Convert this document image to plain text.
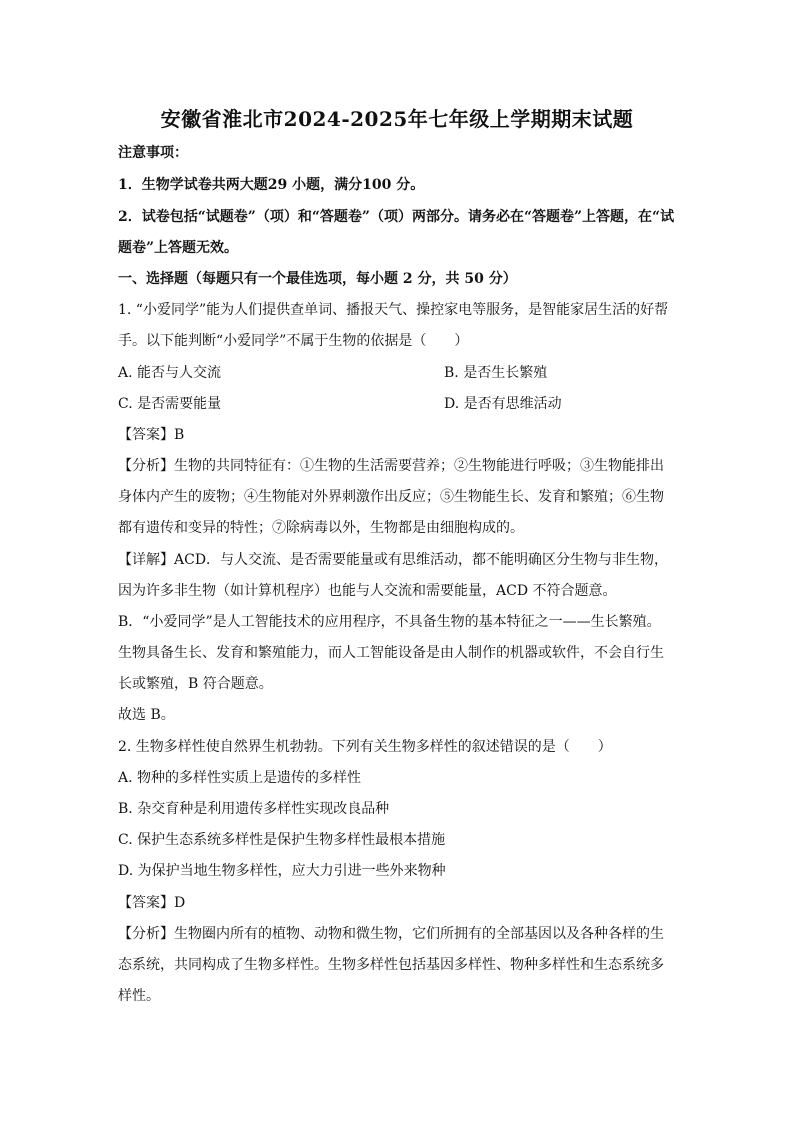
安徽省淮北市2024-2025年七年级上学期期末试题
注意事项：
1．生物学试卷共两大题29 小题，满分100 分。
2．试卷包括“试题卷”（项）和“答题卷”（项）两部分。请务必在“答题卷”上答题，在“试
题卷”上答题无效。
一、选择题（每题只有一个最佳选项，每小题 2 分，共 50 分）
1. “小爱同学”能为人们提供查单词、播报天气、操控家电等服务，是智能家居生活的好帮
手。以下能判断“小爱同学”不属于生物的依据是（　　）
A. 能否与人交流	B. 是否生长繁殖
C. 是否需要能量	D. 是否有思维活动
【答案】B
【分析】生物的共同特征有：①生物的生活需要营养；②生物能进行呼吸；③生物能排出
身体内产生的废物；④生物能对外界刺激作出反应；⑤生物能生长、发育和繁殖；⑥生物
都有遗传和变异的特性；⑦除病毒以外，生物都是由细胞构成的。
【详解】ACD．与人交流、是否需要能量或有思维活动，都不能明确区分生物与非生物，
因为许多非生物（如计算机程序）也能与人交流和需要能量，ACD 不符合题意。
B．“小爱同学”是人工智能技术的应用程序，不具备生物的基本特征之一——生长繁殖。
生物具备生长、发育和繁殖能力，而人工智能设备是由人制作的机器或软件，不会自行生
长或繁殖，B 符合题意。
故选 B。
2. 生物多样性使自然界生机勃勃。下列有关生物多样性的叙述错误的是（　　）
A. 物种的多样性实质上是遗传的多样性
B. 杂交育种是利用遗传多样性实现改良品种
C. 保护生态系统多样性是保护生物多样性最根本措施
D. 为保护当地生物多样性，应大力引进一些外来物种
【答案】D
【分析】生物圈内所有的植物、动物和微生物，它们所拥有的全部基因以及各种各样的生
态系统，共同构成了生物多样性。生物多样性包括基因多样性、物种多样性和生态系统多
样性。
